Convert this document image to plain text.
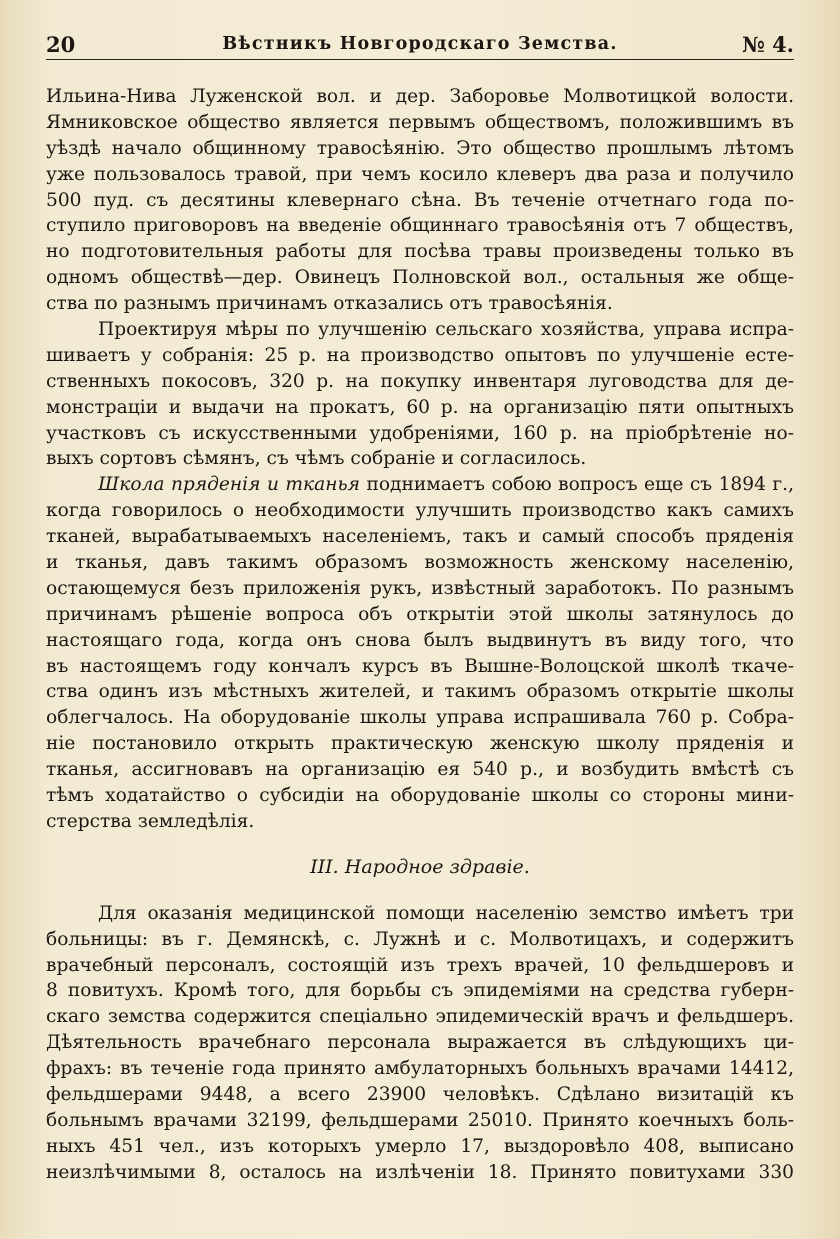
20	Вѣстникъ Новгородскаго Земства.	№ 4.
Ильина-Нива Луженской вол. и дер. Заборовье Молвотицкой волости.
Ямниковское общество является первымъ обществомъ, положившимъ въ
уѣздѣ начало общинному травосѣянію. Это общество прошлымъ лѣтомъ
уже пользовалось травой, при чемъ косило клеверъ два раза и получило
500 пуд. съ десятины клевернаго сѣна. Въ теченіе отчетнаго года по-
ступило приговоровъ на введеніе общиннаго травосѣянія отъ 7 обществъ,
но подготовительныя работы для посѣва травы произведены только въ
одномъ обществѣ—дер. Овинецъ Полновской вол., остальныя же обще-
ства по разнымъ причинамъ отказались отъ травосѣянія.
Проектируя мѣры по улучшенію сельскаго хозяйства, управа испра-
шиваетъ у собранія: 25 р. на производство опытовъ по улучшеніе есте-
ственныхъ покосовъ, 320 р. на покупку инвентаря луговодства для де-
монстраціи и выдачи на прокатъ, 60 р. на организацію пяти опытныхъ
участковъ съ искусственными удобреніями, 160 р. на пріобрѣтеніе но-
выхъ сортовъ сѣмянъ, съ чѣмъ собраніе и согласилось.
Школа пряденія и тканья поднимаетъ собою вопросъ еще съ 1894 г.,
когда говорилось о необходимости улучшить производство какъ самихъ
тканей, вырабатываемыхъ населеніемъ, такъ и самый способъ пряденія
и тканья, давъ такимъ образомъ возможность женскому населенію,
остающемуся безъ приложенія рукъ, извѣстный заработокъ. По разнымъ
причинамъ рѣшеніе вопроса объ открытіи этой школы затянулось до
настоящаго года, когда онъ снова былъ выдвинутъ въ виду того, что
въ настоящемъ году кончалъ курсъ въ Вышне-Волоцской школѣ ткаче-
ства одинъ изъ мѣстныхъ жителей, и такимъ образомъ открытіе школы
облегчалось. На оборудованіе школы управа испрашивала 760 р. Собра-
ніе постановило открыть практическую женскую школу пряденія и
тканья, ассигновавъ на организацію ея 540 р., и возбудить вмѣстѣ съ
тѣмъ ходатайство о субсидіи на оборудованіе школы со стороны мини-
стерства земледѣлія.
III. Народное здравіе.
Для оказанія медицинской помощи населенію земство имѣетъ три
больницы: въ г. Демянскѣ, с. Лужнѣ и с. Молвотицахъ, и содержитъ
врачебный персоналъ, состоящій изъ трехъ врачей, 10 фельдшеровъ и
8 повитухъ. Кромѣ того, для борьбы съ эпидеміями на средства губерн-
скаго земства содержится спеціально эпидемическій врачъ и фельдшеръ.
Дѣятельность врачебнаго персонала выражается въ слѣдующихъ ци-
фрахъ: въ теченіе года принято амбулаторныхъ больныхъ врачами 14412,
фельдшерами 9448, а всего 23900 человѣкъ. Сдѣлано визитацій къ
больнымъ врачами 32199, фельдшерами 25010. Принято коечныхъ боль-
ныхъ 451 чел., изъ которыхъ умерло 17, выздоровѣло 408, выписано
неизлѣчимыми 8, осталось на излѣченіи 18. Принято повитухами 330
